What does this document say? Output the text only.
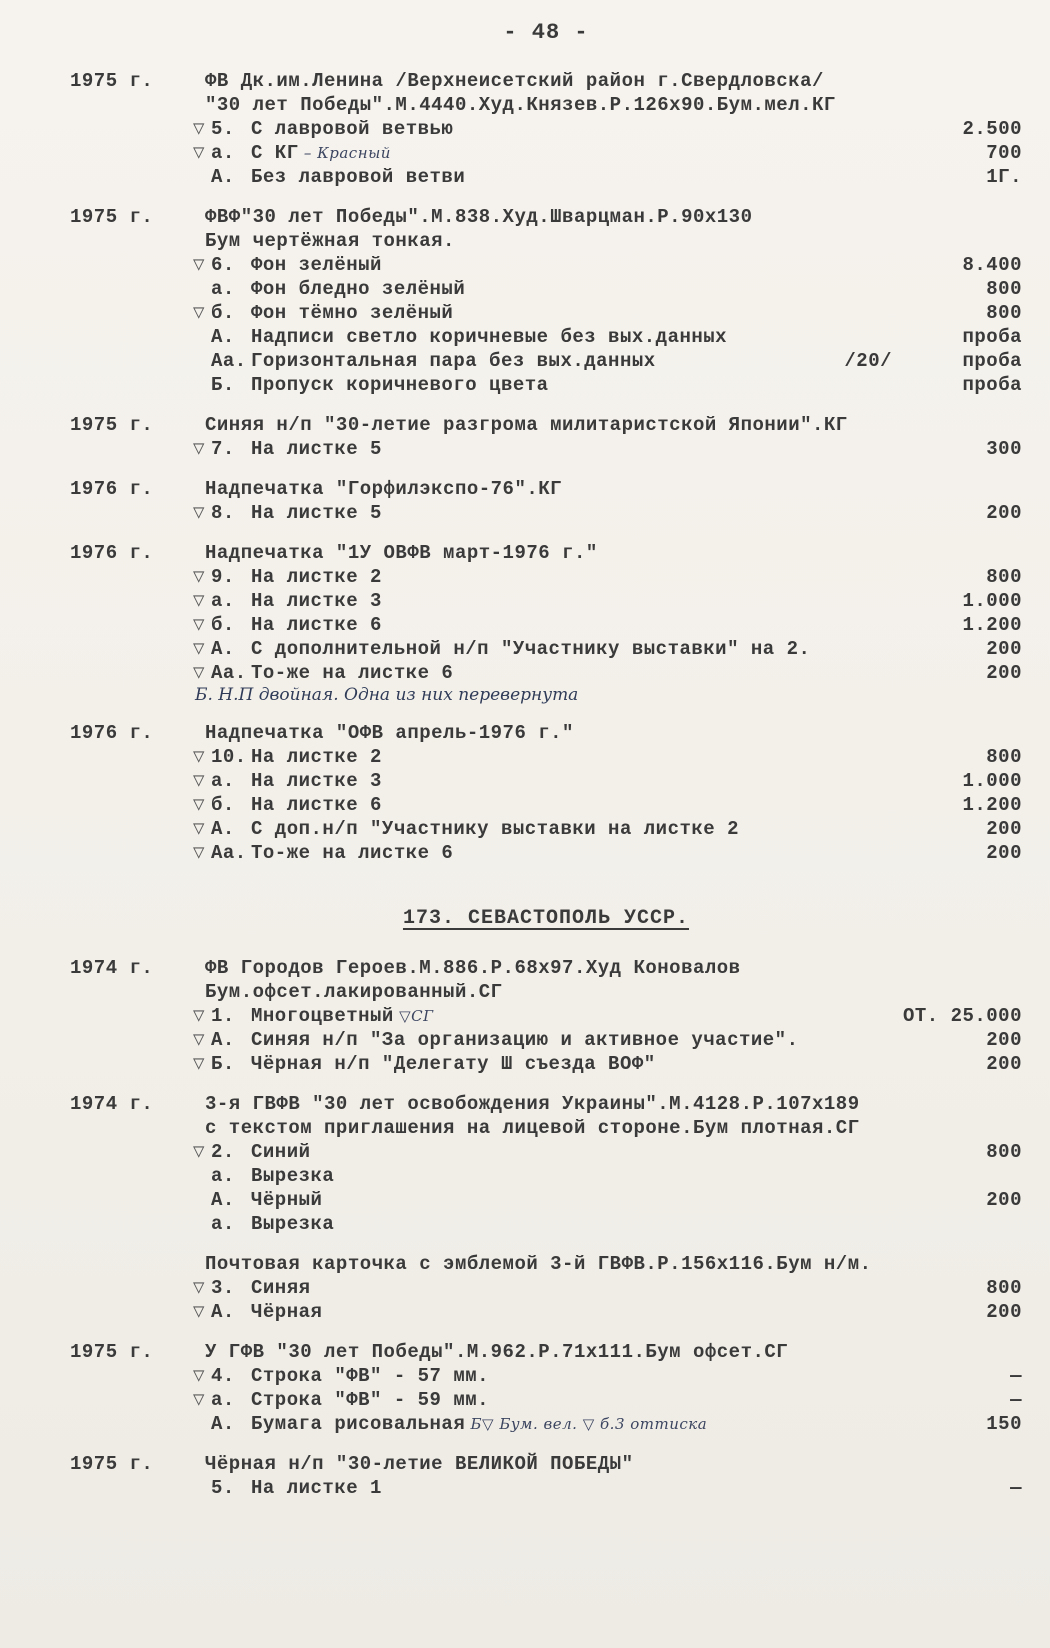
- 48 -
1975 г.	ФВ Дк.им.Ленина /Верхнеисетский район г.Свердловска/
"30 лет Победы".М.4440.Худ.Князев.Р.126х90.Бум.мел.КГ
▽ 5. С лавровой ветвью	2.500
▽ а. С КГ – Красный	700
А. Без лавровой ветви	1Г.
1975 г.	ФВФ"30 лет Победы".М.838.Худ.Шварцман.Р.90х130
Бум чертёжная тонкая.
▽ 6. Фон зелёный	8.400
а. Фон бледно зелёный	800
▽ б. Фон тёмно зелёный	800
А. Надписи светло коричневые без вых.данных	проба
Аа. Горизонтальная пара без вых.данных	/20/	проба
Б. Пропуск коричневого цвета	проба
1975 г.	Синяя н/п "30-летие разгрома милитаристской Японии".КГ
▽ 7. На листке 5	300
1976 г.	Надпечатка "Горфилэкспо-76".КГ
▽ 8. На листке 5	200
1976 г.	Надпечатка "1У ОВФВ март-1976 г."
▽ 9. На листке 2	800
▽ а. На листке 3	1.000
▽ б. На листке 6	1.200
▽ А. С дополнительной н/п "Участнику выставки" на 2.	200
▽ Аа. То-же на листке 6	200
Б. Н.П двойная. Одна из них перевернута
1976 г.	Надпечатка "ОФВ апрель-1976 г."
▽ 10. На листке 2	800
▽ а. На листке 3	1.000
▽ б. На листке 6	1.200
▽ А. С доп.н/п "Участнику выставки на листке 2	200
▽ Аа. То-же на листке 6	200
173. СЕВАСТОПОЛЬ УССР.
1974 г.	ФВ Городов Героев.М.886.Р.68х97.Худ Коновалов
Бум.офсет.лакированный.СГ
▽ 1. Многоцветный ▽СГ	ОТ. 25.000
▽ А. Синяя н/п "За организацию и активное участие".	200
▽ Б. Чёрная н/п "Делегату Ш съезда ВОФ"	200
1974 г.	3-я ГВФВ "30 лет освобождения Украины".М.4128.Р.107х189
с текстом приглашения на лицевой стороне.Бум плотная.СГ
▽ 2. Синий	800
а. Вырезка
А. Чёрный	200
а. Вырезка
Почтовая карточка с эмблемой 3-й ГВФВ.Р.156х116.Бум н/м.
▽ 3. Синяя	800
▽ А. Чёрная	200
1975 г.	У ГФВ "30 лет Победы".М.962.Р.71х111.Бум офсет.СГ
▽ 4. Строка "ФВ" - 57 мм.	—
▽ а. Строка "ФВ" - 59 мм.	—
А. Бумага рисовальная Б▽ Бум. вел. ▽ б.3 оттиска	150
1975 г.	Чёрная н/п "30-летие ВЕЛИКОЙ ПОБЕДЫ"
5. На листке 1	—
